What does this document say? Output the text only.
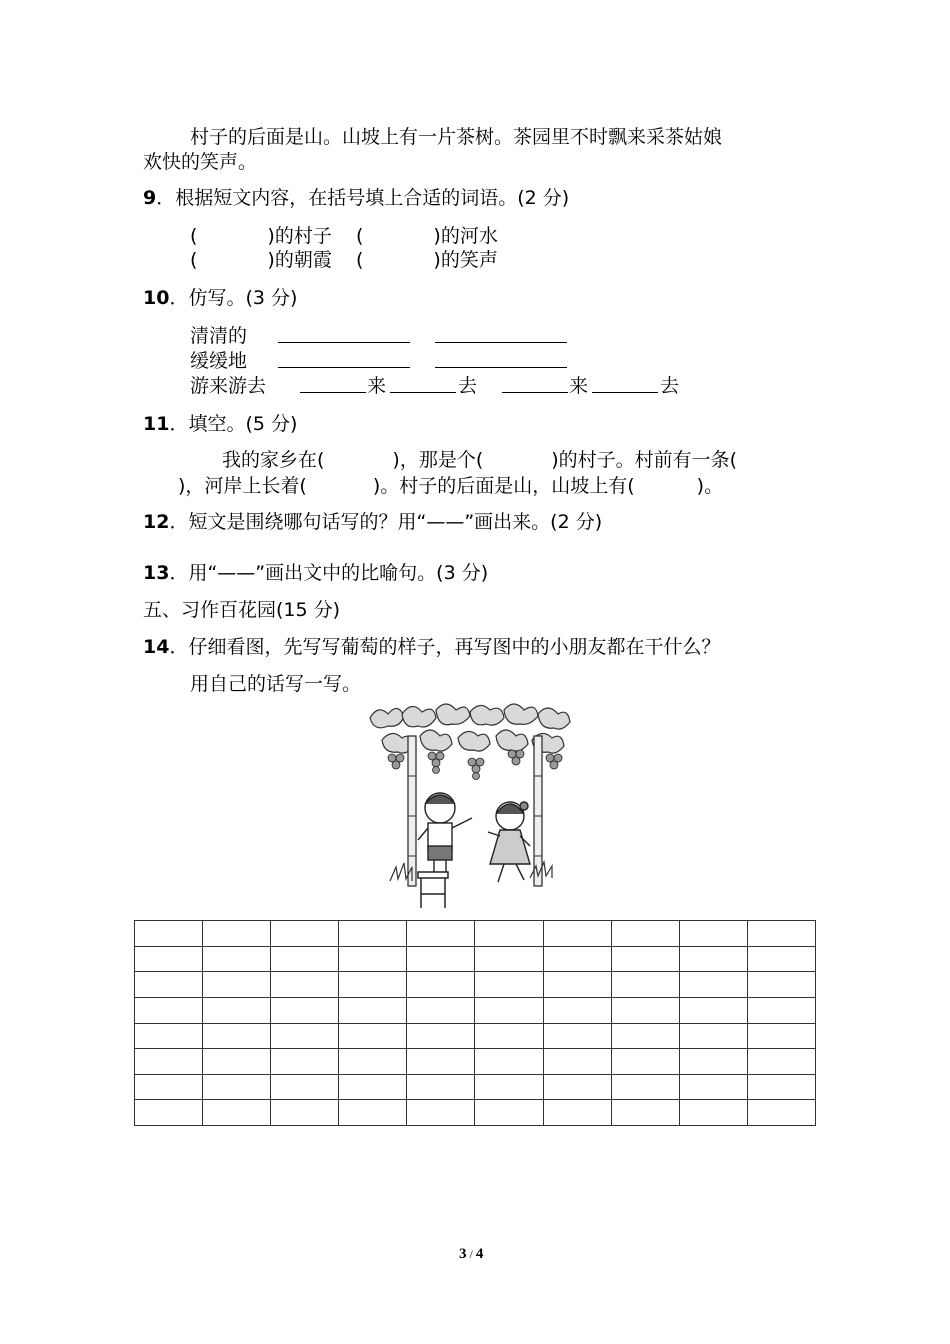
村子的后面是山。山坡上有一片茶树。茶园里不时飘来采茶姑娘
欢快的笑声。
9．根据短文内容，在括号填上合适的词语。(2 分)
(	)的村子 (	)的河水
(	)的朝霞 (	)的笑声
10．仿写。(3 分)
清清的
缓缓地
游来游去	来	去	来	去
11．填空。(5 分)
我的家乡在(	)，那是个(	)的村子。村前有一条(
)，河岸上长着(	)。村子的后面是山，山坡上有(	)。
12．短文是围绕哪句话写的？用“——”画出来。(2 分)
13．用“——”画出文中的比喻句。(3 分)
五、习作百花园(15 分)
14．仔细看图，先写写葡萄的样子，再写图中的小朋友都在干什么？
用自己的话写一写。

3 / 4
